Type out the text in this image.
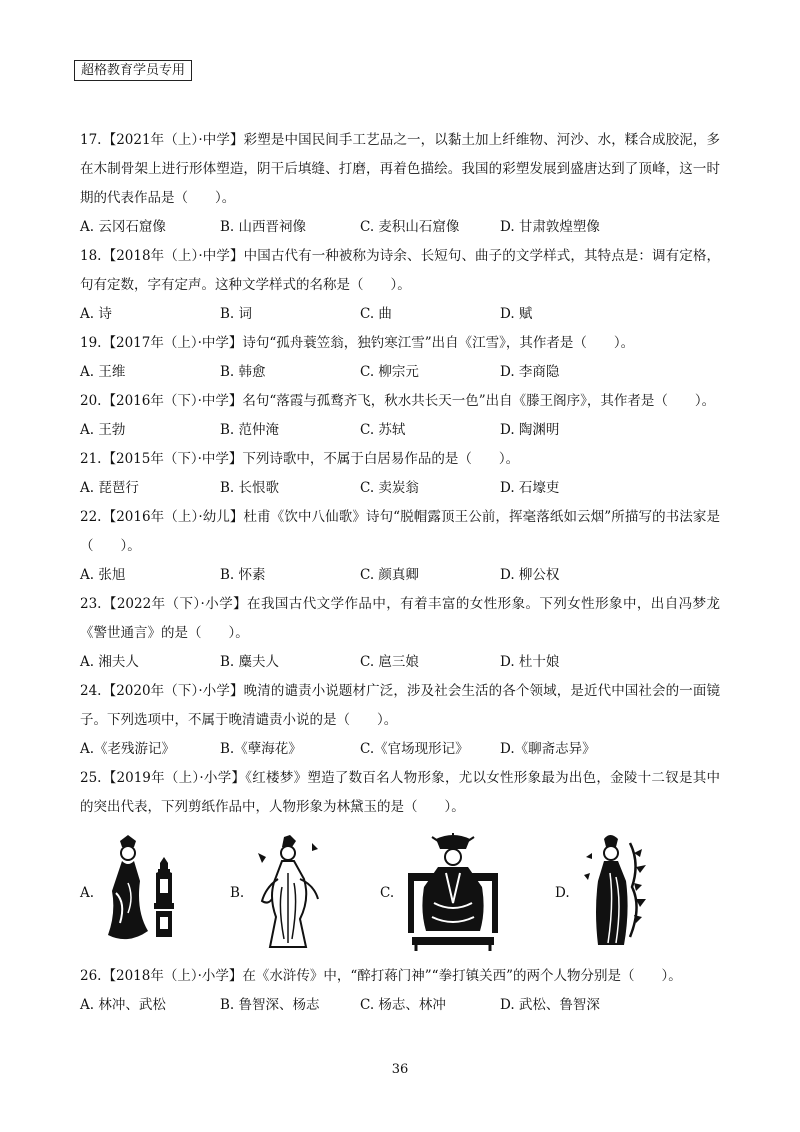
超格教育学员专用
17.【2021年（上）·中学】彩塑是中国民间手工艺品之一，以黏土加上纤维物、河沙、水，糅合成胶泥，多在木制骨架上进行形体塑造，阴干后填缝、打磨，再着色描绘。我国的彩塑发展到盛唐达到了顶峰，这一时期的代表作品是（　　）。
A. 云冈石窟像	B. 山西晋祠像	C. 麦积山石窟像	D. 甘肃敦煌塑像
18.【2018年（上）·中学】中国古代有一种被称为诗余、长短句、曲子的文学样式，其特点是：调有定格，句有定数，字有定声。这种文学样式的名称是（　　）。
A. 诗	B. 词	C. 曲	D. 赋
19.【2017年（上）·中学】诗句“孤舟蓑笠翁，独钓寒江雪”出自《江雪》，其作者是（　　）。
A. 王维	B. 韩愈	C. 柳宗元	D. 李商隐
20.【2016年（下）·中学】名句“落霞与孤鹜齐飞，秋水共长天一色”出自《滕王阁序》，其作者是（　　）。
A. 王勃	B. 范仲淹	C. 苏轼	D. 陶渊明
21.【2015年（下）·中学】下列诗歌中，不属于白居易作品的是（　　）。
A. 琵琶行	B. 长恨歌	C. 卖炭翁	D. 石壕吏
22.【2016年（上）·幼儿】杜甫《饮中八仙歌》诗句“脱帽露顶王公前，挥毫落纸如云烟”所描写的书法家是（　　）。
A. 张旭	B. 怀素	C. 颜真卿	D. 柳公权
23.【2022年（下）·小学】在我国古代文学作品中，有着丰富的女性形象。下列女性形象中，出自冯梦龙《警世通言》的是（　　）。
A. 湘夫人	B. 麋夫人	C. 扈三娘	D. 杜十娘
24.【2020年（下）·小学】晚清的谴责小说题材广泛，涉及社会生活的各个领域，是近代中国社会的一面镜子。下列选项中，不属于晚清谴责小说的是（　　）。
A.《老残游记》	B.《孽海花》	C.《官场现形记》	D.《聊斋志异》
25.【2019年（上）·小学】《红楼梦》塑造了数百名人物形象，尤以女性形象最为出色，金陵十二钗是其中的突出代表，下列剪纸作品中，人物形象为林黛玉的是（　　）。
A.	B.	C.	D.
26.【2018年（上）·小学】在《水浒传》中，“醉打蒋门神”“拳打镇关西”的两个人物分别是（　　）。
A. 林冲、武松	B. 鲁智深、杨志	C. 杨志、林冲	D. 武松、鲁智深
36
